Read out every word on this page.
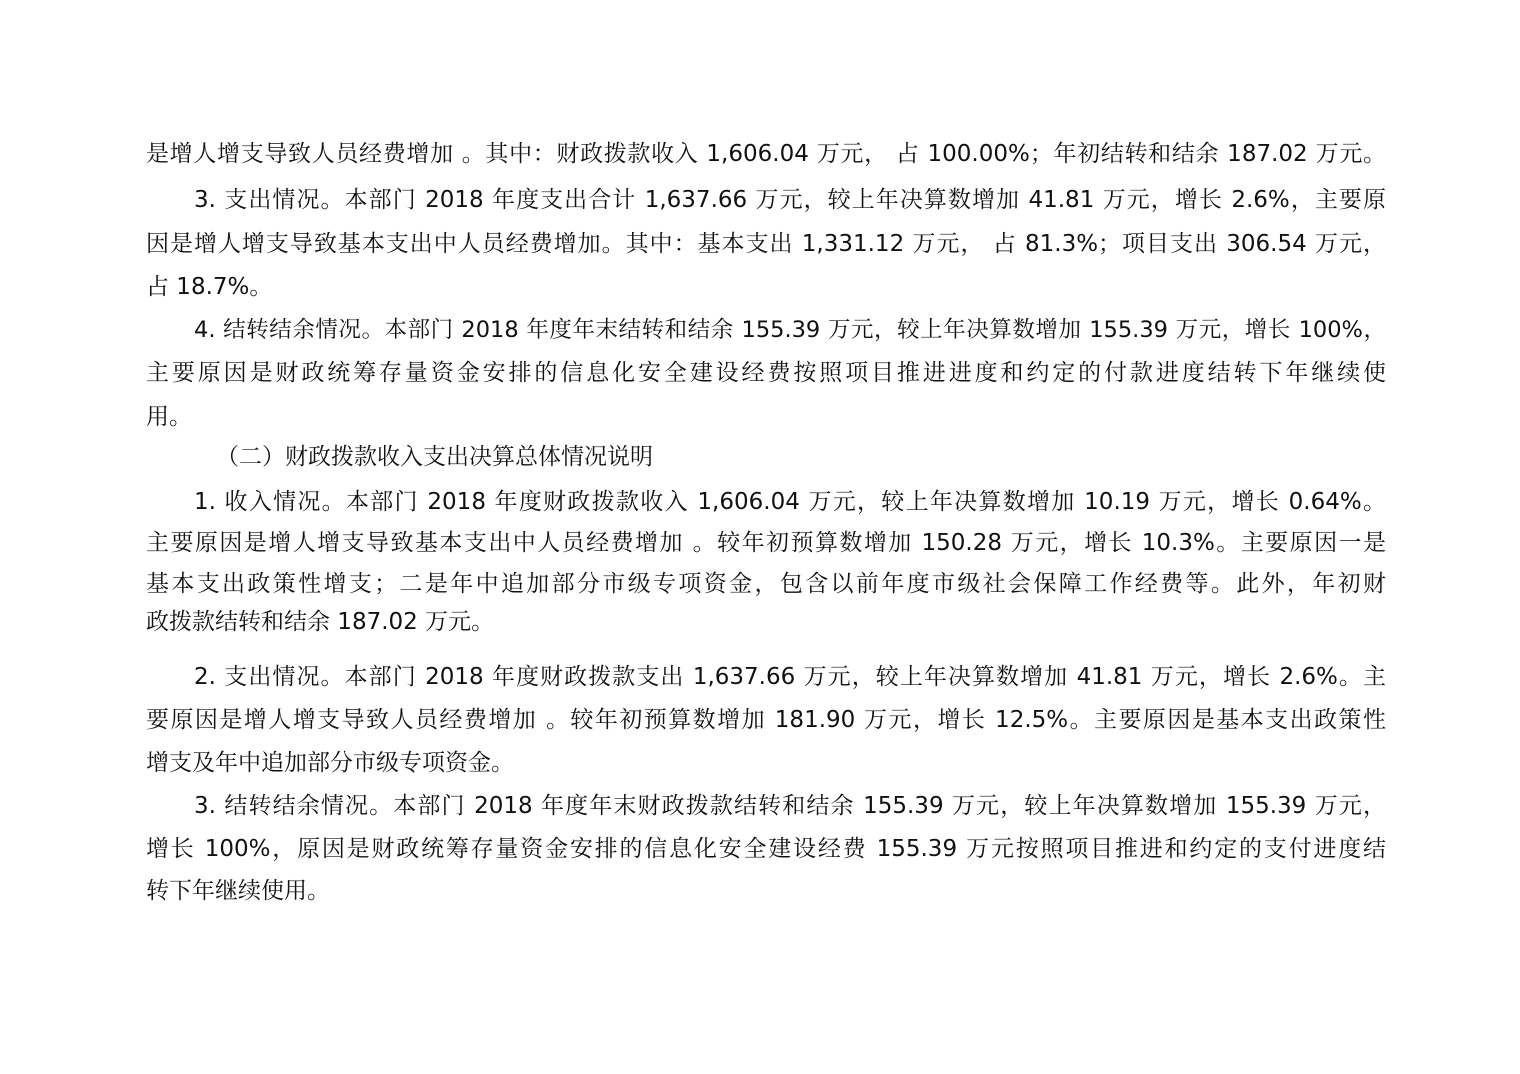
是增人增支导致人员经费增加 。其中：财政拨款收入 1,606.04 万元， 占 100.00%；年初结转和结余 187.02 万元。
3. 支出情况。本部门 2018 年度支出合计 1,637.66 万元，较上年决算数增加 41.81 万元，增长 2.6%，主要原
因是增人增支导致基本支出中人员经费增加。其中：基本支出 1,331.12 万元， 占 81.3%；项目支出 306.54 万元，
占 18.7%。
4. 结转结余情况。本部门 2018 年度年末结转和结余 155.39 万元，较上年决算数增加 155.39 万元，增长 100%，
主要原因是财政统筹存量资金安排的信息化安全建设经费按照项目推进进度和约定的付款进度结转下年继续使
用。
（二）财政拨款收入支出决算总体情况说明
1. 收入情况。本部门 2018 年度财政拨款收入 1,606.04 万元，较上年决算数增加 10.19 万元，增长 0.64%。
主要原因是增人增支导致基本支出中人员经费增加 。较年初预算数增加 150.28 万元，增长 10.3%。主要原因一是
基本支出政策性增支；二是年中追加部分市级专项资金，包含以前年度市级社会保障工作经费等。此外，年初财
政拨款结转和结余 187.02 万元。
2. 支出情况。本部门 2018 年度财政拨款支出 1,637.66 万元，较上年决算数增加 41.81 万元，增长 2.6%。主
要原因是增人增支导致人员经费增加 。较年初预算数增加 181.90 万元，增长 12.5%。主要原因是基本支出政策性
增支及年中追加部分市级专项资金。
3. 结转结余情况。本部门 2018 年度年末财政拨款结转和结余 155.39 万元，较上年决算数增加 155.39 万元，
增长 100%，原因是财政统筹存量资金安排的信息化安全建设经费 155.39 万元按照项目推进和约定的支付进度结
转下年继续使用。
